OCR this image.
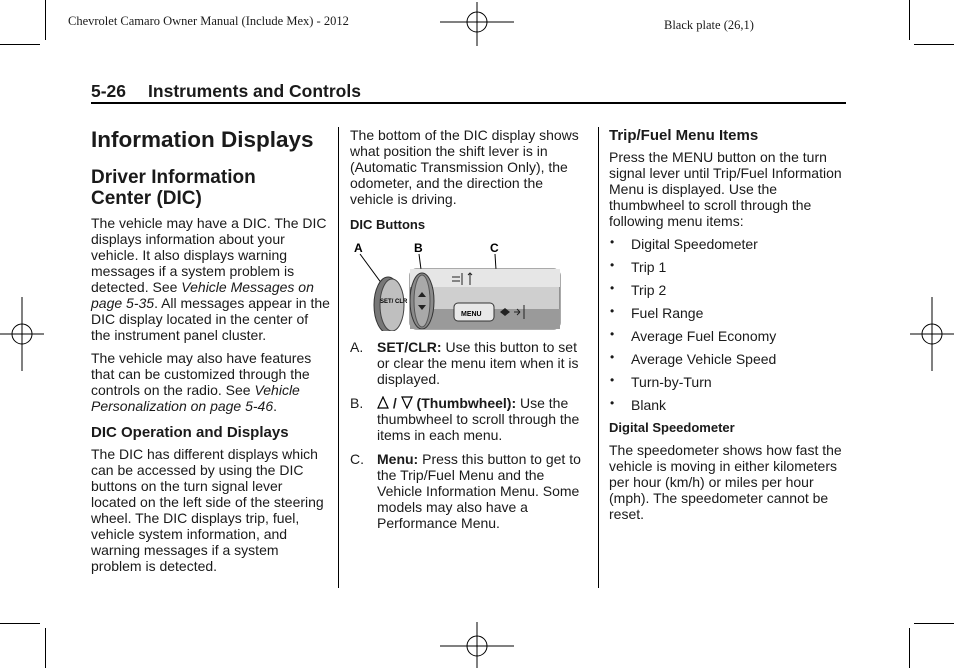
Chevrolet Camaro Owner Manual (Include Mex) - 2012	Black plate (26,1)
5-26 Instruments and Controls
Information Displays
Driver Information Center (DIC)

The vehicle may have a DIC. The DIC displays information about your vehicle. It also displays warning messages if a system problem is detected. See Vehicle Messages on page 5-35. All messages appear in the DIC display located in the center of the instrument panel cluster.

The vehicle may also have features that can be customized through the controls on the radio. See Vehicle Personalization on page 5-46.

DIC Operation and Displays

The DIC has different displays which can be accessed by using the DIC buttons on the turn signal lever located on the left side of the steering wheel. The DIC displays trip, fuel, vehicle system information, and warning messages if a system problem is detected.

The bottom of the DIC display shows what position the shift lever is in (Automatic Transmission Only), the odometer, and the direction the vehicle is driving.

DIC Buttons
A	B	C
SET/ CLR
MENU
A. SET/CLR: Use this button to set or clear the menu item when it is displayed.
B.	/  (Thumbwheel): Use the thumbwheel to scroll through the items in each menu.
C. Menu: Press this button to get to the Trip/Fuel Menu and the Vehicle Information Menu. Some models may also have a Performance Menu.
Trip/Fuel Menu Items

Press the MENU button on the turn signal lever until Trip/Fuel Information Menu is displayed. Use the thumbwheel to scroll through the following menu items:

• Digital Speedometer
• Trip 1
• Trip 2
• Fuel Range
• Average Fuel Economy
• Average Vehicle Speed
• Turn-by-Turn
• Blank
Digital Speedometer

The speedometer shows how fast the vehicle is moving in either kilometers per hour (km/h) or miles per hour (mph). The speedometer cannot be reset.
